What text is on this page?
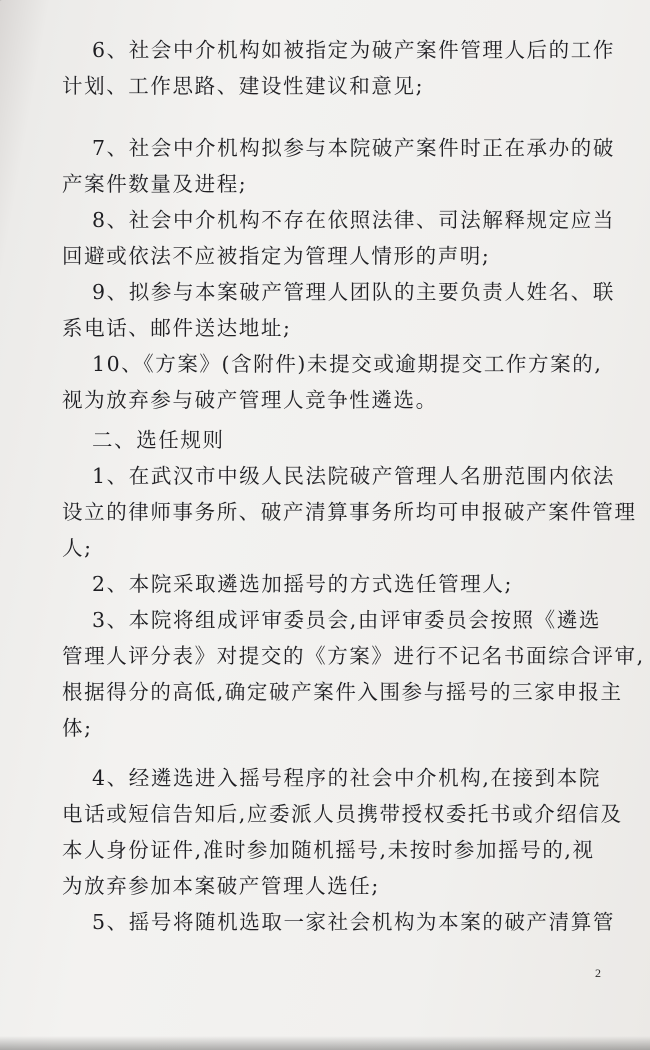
6、社会中介机构如被指定为破产案件管理人后的工作
计划、工作思路、建设性建议和意见;
7、社会中介机构拟参与本院破产案件时正在承办的破
产案件数量及进程;
8、社会中介机构不存在依照法律、司法解释规定应当
回避或依法不应被指定为管理人情形的声明;
9、拟参与本案破产管理人团队的主要负责人姓名、联
系电话、邮件送达地址;
10、《方案》(含附件)未提交或逾期提交工作方案的,
视为放弃参与破产管理人竞争性遴选。
二、选任规则
1、在武汉市中级人民法院破产管理人名册范围内依法
设立的律师事务所、破产清算事务所均可申报破产案件管理
人;
2、本院采取遴选加摇号的方式选任管理人;
3、本院将组成评审委员会,由评审委员会按照《遴选
管理人评分表》对提交的《方案》进行不记名书面综合评审,
根据得分的高低,确定破产案件入围参与摇号的三家申报主
体;
4、经遴选进入摇号程序的社会中介机构,在接到本院
电话或短信告知后,应委派人员携带授权委托书或介绍信及
本人身份证件,准时参加随机摇号,未按时参加摇号的,视
为放弃参加本案破产管理人选任;
5、摇号将随机选取一家社会机构为本案的破产清算管
2
